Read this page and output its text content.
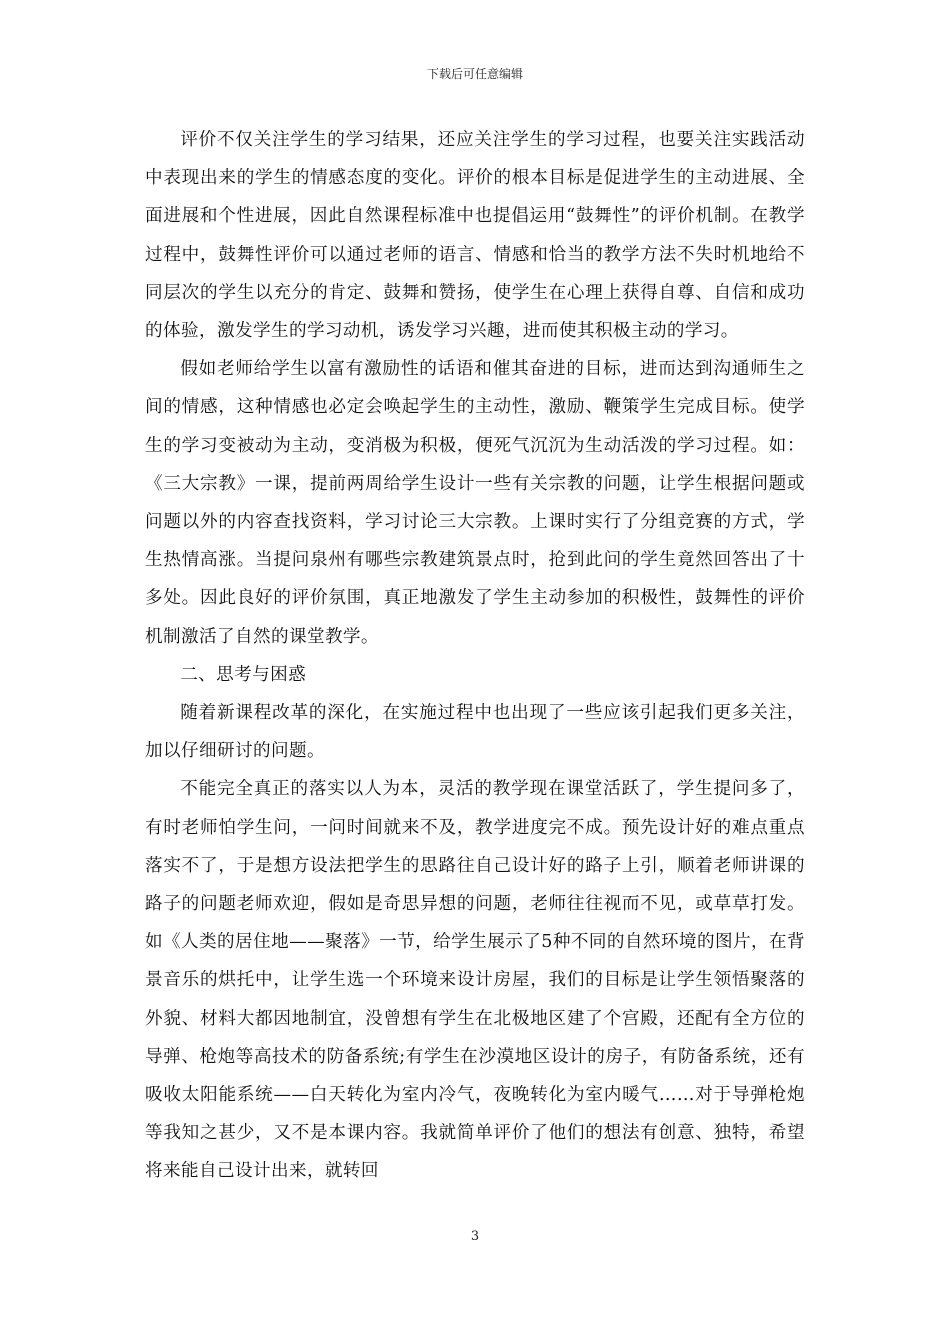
下载后可任意编辑

评价不仅关注学生的学习结果，还应关注学生的学习过程，也要关注实践活动中表现出来的学生的情感态度的变化。评价的根本目标是促进学生的主动进展、全面进展和个性进展，因此自然课程标准中也提倡运用“鼓舞性”的评价机制。在教学过程中，鼓舞性评价可以通过老师的语言、情感和恰当的教学方法不失时机地给不同层次的学生以充分的肯定、鼓舞和赞扬，使学生在心理上获得自尊、自信和成功的体验，激发学生的学习动机，诱发学习兴趣，进而使其积极主动的学习。

假如老师给学生以富有激励性的话语和催其奋进的目标，进而达到沟通师生之间的情感，这种情感也必定会唤起学生的主动性，激励、鞭策学生完成目标。使学生的学习变被动为主动，变消极为积极，便死气沉沉为生动活泼的学习过程。如：《三大宗教》一课，提前两周给学生设计一些有关宗教的问题，让学生根据问题或问题以外的内容查找资料，学习讨论三大宗教。上课时实行了分组竞赛的方式，学生热情高涨。当提问泉州有哪些宗教建筑景点时，抢到此问的学生竟然回答出了十多处。因此良好的评价氛围，真正地激发了学生主动参加的积极性，鼓舞性的评价机制激活了自然的课堂教学。

二、思考与困惑

随着新课程改革的深化，在实施过程中也出现了一些应该引起我们更多关注，加以仔细研讨的问题。

不能完全真正的落实以人为本，灵活的教学现在课堂活跃了，学生提问多了，有时老师怕学生问，一问时间就来不及，教学进度完不成。预先设计好的难点重点落实不了，于是想方设法把学生的思路往自己设计好的路子上引，顺着老师讲课的路子的问题老师欢迎，假如是奇思异想的问题，老师往往视而不见，或草草打发。如《人类的居住地——聚落》一节，给学生展示了5种不同的自然环境的图片，在背景音乐的烘托中，让学生选一个环境来设计房屋，我们的目标是让学生领悟聚落的外貌、材料大都因地制宜，没曾想有学生在北极地区建了个宫殿，还配有全方位的导弹、枪炮等高技术的防备系统;有学生在沙漠地区设计的房子，有防备系统，还有吸收太阳能系统——白天转化为室内冷气，夜晚转化为室内暖气……对于导弹枪炮等我知之甚少，又不是本课内容。我就简单评价了他们的想法有创意、独特，希望将来能自己设计出来，就转回

3
